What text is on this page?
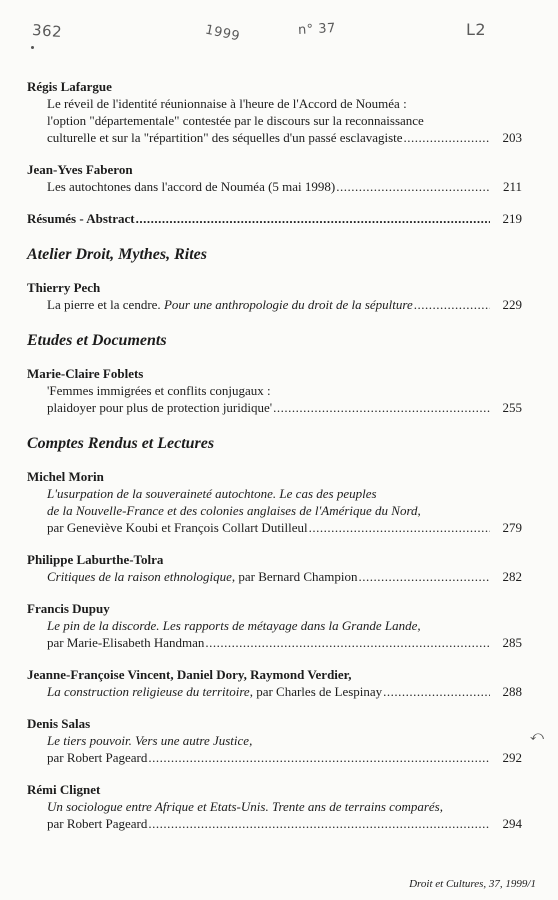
362	1999	n° 37	L2
Régis Lafargue
Le réveil de l'identité réunionnaise à l'heure de l'Accord de Nouméa :
l'option "départementale" contestée par le discours sur la reconnaissance
culturelle et sur la "répartition" des séquelles d'un passé esclavagiste .....	203
Jean-Yves Faberon
Les autochtones dans l'accord de Nouméa (5 mai 1998) .....	211
Résumés - Abstract .....	219
Atelier Droit, Mythes, Rites
Thierry Pech
La pierre et la cendre. Pour une anthropologie du droit de la sépulture .....	229
Etudes et Documents
Marie-Claire Foblets
'Femmes immigrées et conflits conjugaux :
plaidoyer pour plus de protection juridique' .....	255
Comptes Rendus et Lectures
Michel Morin
L'usurpation de la souveraineté autochtone. Le cas des peuples
de la Nouvelle-France et des colonies anglaises de l'Amérique du Nord,
par Geneviève Koubi et François Collart Dutilleul .....	279
Philippe Laburthe-Tolra
Critiques de la raison ethnologique, par Bernard Champion .....	282
Francis Dupuy
Le pin de la discorde. Les rapports de métayage dans la Grande Lande,
par Marie-Elisabeth Handman .....	285
Jeanne-Françoise Vincent, Daniel Dory, Raymond Verdier,
La construction religieuse du territoire, par Charles de Lespinay .....	288
Denis Salas
Le tiers pouvoir. Vers une autre Justice,
par Robert Pageard .....	292
Rémi Clignet
Un sociologue entre Afrique et Etats-Unis. Trente ans de terrains comparés,
par Robert Pageard .....	294
⤺
Droit et Cultures, 37, 1999/1
